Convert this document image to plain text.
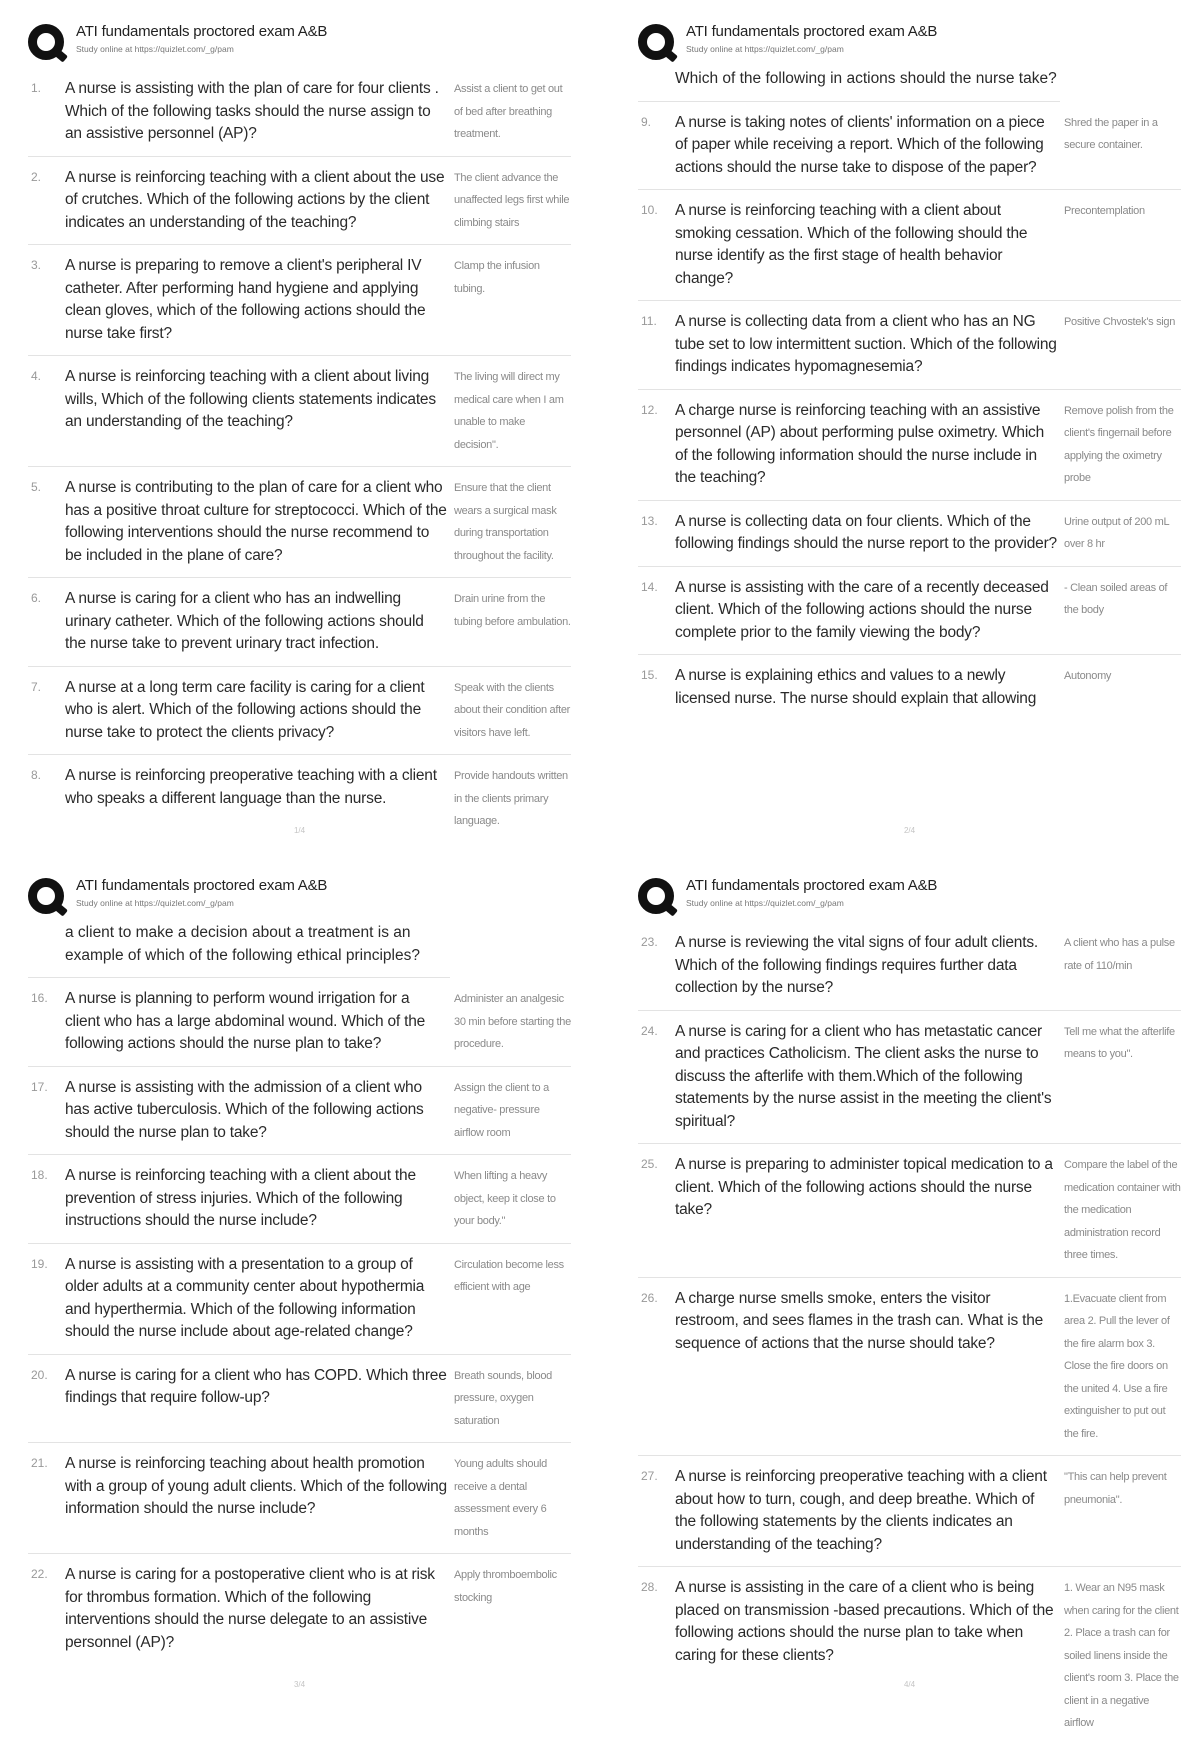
ATI fundamentals proctored exam A&B
Study online at https://quizlet.com/_g/pam
1.	A nurse is assisting with the plan of care for four clients . Which of the following tasks should the nurse assign to an assistive personnel (AP)?
Assist a client to get out of bed after breathing treatment.
2.	A nurse is reinforcing teaching with a client about the use of crutches. Which of the following actions by the client indicates an understanding of the teaching?
The client advance the unaffected legs first while climbing stairs
3.	A nurse is preparing to remove a client's peripheral IV catheter. After performing hand hygiene and applying clean gloves, which of the following actions should the nurse take first?
Clamp the infusion tubing.
4.	A nurse is reinforcing teaching with a client about living wills, Which of the following clients statements indicates an understanding of the teaching?
The living will direct my medical care when I am unable to make decision".
5.	A nurse is contributing to the plan of care for a client who has a positive throat culture for streptococci. Which of the following interventions should the nurse recommend to be included in the plane of care?
Ensure that the client wears a surgical mask during transportation throughout the facility.
6.	A nurse is caring for a client who has an indwelling urinary catheter. Which of the following actions should the nurse take to prevent urinary tract infection.
Drain urine from the tubing before ambulation.
7.	A nurse at a long term care facility is caring for a client who is alert. Which of the following actions should the nurse take to protect the clients privacy?
Speak with the clients about their condition after visitors have left.
8.	A nurse is reinforcing preoperative teaching with a client who speaks a different language than the nurse.
Provide handouts written in the clients primary language.
1/4
ATI fundamentals proctored exam A&B
Study online at https://quizlet.com/_g/pam
Which of the following in actions should the nurse take?
9.	A nurse is taking notes of clients' information on a piece of paper while receiving a report. Which of the following actions should the nurse take to dispose of the paper?
Shred the paper in a secure container.
10.	A nurse is reinforcing teaching with a client about smoking cessation. Which of the following should the nurse identify as the first stage of health behavior change?
Precontemplation
11.	A nurse is collecting data from a client who has an NG tube set to low intermittent suction. Which of the following findings indicates hypomagnesemia?
Positive Chvostek's sign
12.	A charge nurse is reinforcing teaching with an assistive personnel (AP) about performing pulse oximetry. Which of the following information should the nurse include in the teaching?
Remove polish from the client's fingernail before applying the oximetry probe
13.	A nurse is collecting data on four clients. Which of the following findings should the nurse report to the provider?
Urine output of 200 mL over 8 hr
14.	A nurse is assisting with the care of a recently deceased client. Which of the following actions should the nurse complete prior to the family viewing the body?
- Clean soiled areas of the body
15.	A nurse is explaining ethics and values to a newly licensed nurse. The nurse should explain that allowing
Autonomy
2/4
ATI fundamentals proctored exam A&B
Study online at https://quizlet.com/_g/pam
a client to make a decision about a treatment is an example of which of the following ethical principles?
16.	A nurse is planning to perform wound irrigation for a client who has a large abdominal wound. Which of the following actions should the nurse plan to take?
Administer an analgesic 30 min before starting the procedure.
17.	A nurse is assisting with the admission of a client who has active tuberculosis. Which of the following actions should the nurse plan to take?
Assign the client to a negative- pressure airflow room
18.	A nurse is reinforcing teaching with a client about the prevention of stress injuries. Which of the following instructions should the nurse include?
When lifting a heavy object, keep it close to your body."
19.	A nurse is assisting with a presentation to a group of older adults at a community center about hypothermia and hyperthermia. Which of the following information should the nurse include about age-related change?
Circulation become less efficient with age
20.	A nurse is caring for a client who has COPD. Which three findings that require follow-up?
Breath sounds, blood pressure, oxygen saturation
21.	A nurse is reinforcing teaching about health promotion with a group of young adult clients. Which of the following information should the nurse include?
Young adults should receive a dental assessment every 6 months
22.	A nurse is caring for a postoperative client who is at risk for thrombus formation. Which of the following interventions should the nurse delegate to an assistive personnel (AP)?
Apply thromboembolic stocking
3/4
ATI fundamentals proctored exam A&B
Study online at https://quizlet.com/_g/pam
23.	A nurse is reviewing the vital signs of four adult clients. Which of the following findings requires further data collection by the nurse?
A client who has a pulse rate of 110/min
24.	A nurse is caring for a client who has metastatic cancer and practices Catholicism. The client asks the nurse to discuss the afterlife with them.Which of the following statements by the nurse assist in the meeting the client's spiritual?
Tell me what the afterlife means to you".
25.	A nurse is preparing to administer topical medication to a client. Which of the following actions should the nurse take?
Compare the label of the medication container with the medication administration record three times.
26.	A charge nurse smells smoke, enters the visitor restroom, and sees flames in the trash can. What is the sequence of actions that the nurse should take?
1.Evacuate client from area 2. Pull the lever of the fire alarm box 3. Close the fire doors on the united 4. Use a fire extinguisher to put out the fire.
27.	A nurse is reinforcing preoperative teaching with a client about how to turn, cough, and deep breathe. Which of the following statements by the clients indicates an understanding of the teaching?
"This can help prevent pneumonia".
28.	A nurse is assisting in the care of a client who is being placed on transmission -based precautions. Which of the following actions should the nurse plan to take when caring for these clients?
1. Wear an N95 mask when caring for the client 2. Place a trash can for soiled linens inside the client's room 3. Place the client in a negative airflow
4/4
